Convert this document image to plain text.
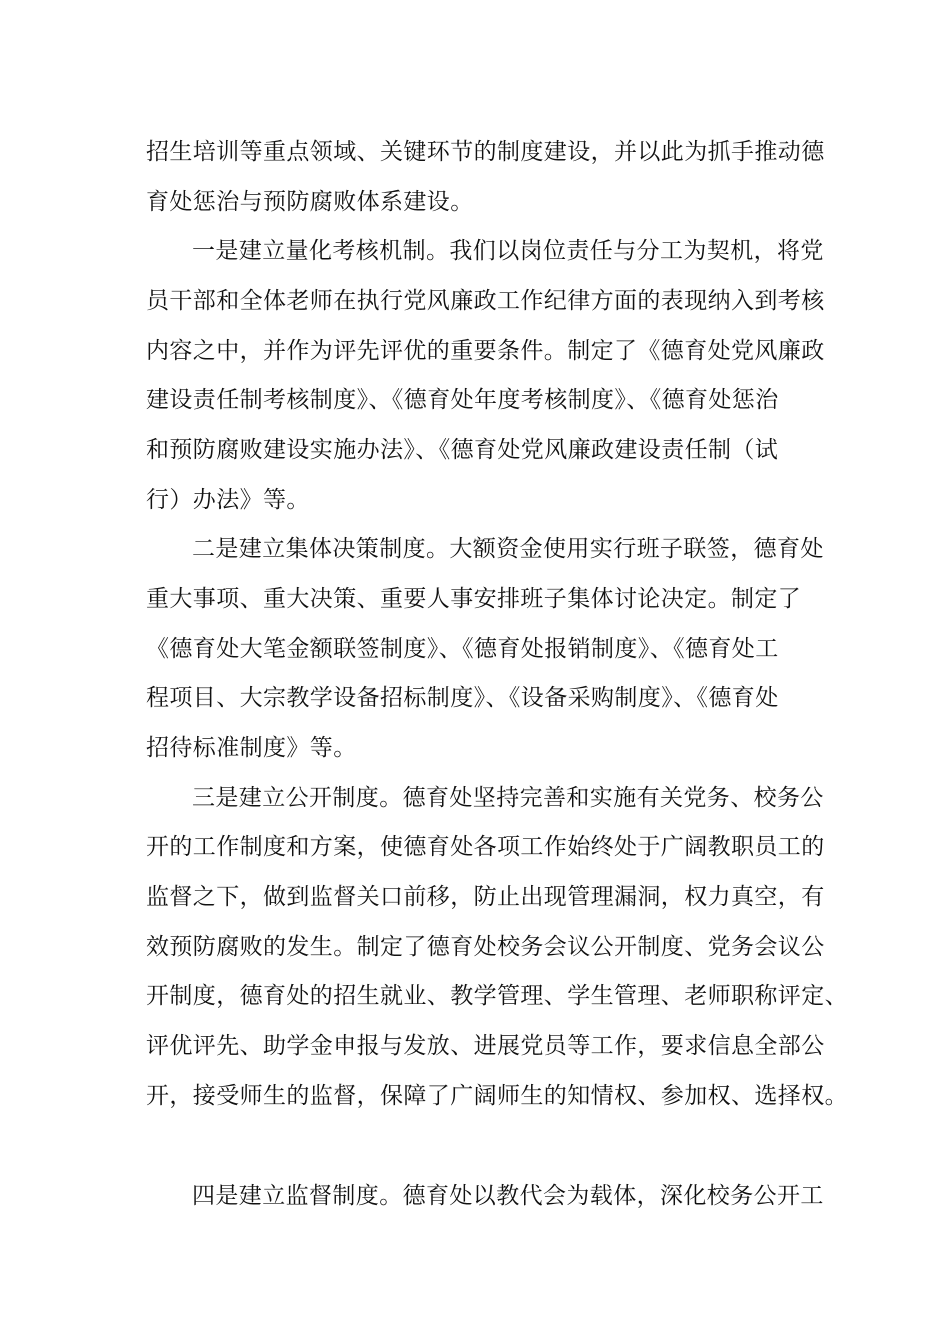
招生培训等重点领域、关键环节的制度建设，并以此为抓手推动德
育处惩治与预防腐败体系建设。
一是建立量化考核机制。我们以岗位责任与分工为契机，将党
员干部和全体老师在执行党风廉政工作纪律方面的表现纳入到考核
内容之中，并作为评先评优的重要条件。制定了《德育处党风廉政
建设责任制考核制度》、《德育处年度考核制度》、《德育处惩治
和预防腐败建设实施办法》、《德育处党风廉政建设责任制（试
行）办法》等。
二是建立集体决策制度。大额资金使用实行班子联签，德育处
重大事项、重大决策、重要人事安排班子集体讨论决定。制定了
《德育处大笔金额联签制度》、《德育处报销制度》、《德育处工
程项目、大宗教学设备招标制度》、《设备采购制度》、《德育处
招待标准制度》等。
三是建立公开制度。德育处坚持完善和实施有关党务、校务公
开的工作制度和方案，使德育处各项工作始终处于广阔教职员工的
监督之下，做到监督关口前移，防止出现管理漏洞，权力真空，有
效预防腐败的发生。制定了德育处校务会议公开制度、党务会议公
开制度，德育处的招生就业、教学管理、学生管理、老师职称评定、
评优评先、助学金申报与发放、进展党员等工作，要求信息全部公
开，接受师生的监督，保障了广阔师生的知情权、参加权、选择权。
四是建立监督制度。德育处以教代会为载体，深化校务公开工
